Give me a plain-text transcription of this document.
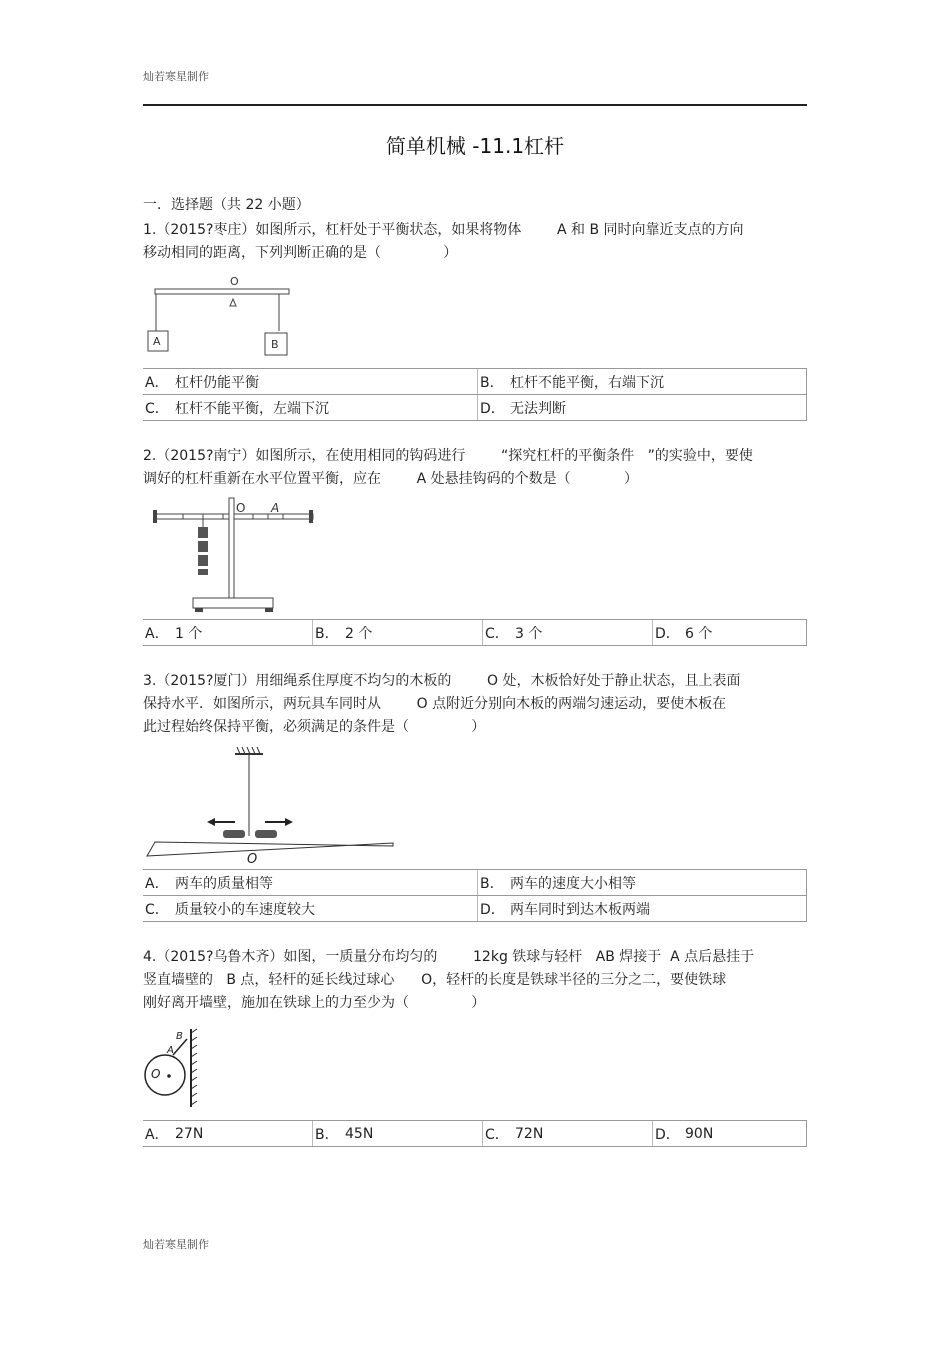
灿若寒星制作
简单机械 -11.1杠杆
一．选择题（共 22 小题）
1.（2015?枣庄）如图所示，杠杆处于平衡状态，如果将物体        A 和 B 同时向靠近支点的方向
移动相同的距离，下列判断正确的是（              ）
O
A	B
A．	杠杆仍能平衡	B．	杠杆不能平衡，右端下沉
C．	杠杆不能平衡，左端下沉	D．	无法判断
2.（2015?南宁）如图所示，在使用相同的钩码进行        “探究杠杆的平衡条件   ”的实验中，要使
调好的杠杆重新在水平位置平衡，应在        A 处悬挂钩码的个数是（            ）
O A
A．	1 个	B．	2 个	C．	3 个	D．	6 个
3.（2015?厦门）用细绳系住厚度不均匀的木板的        O 处，木板恰好处于静止状态，且上表面
保持水平．如图所示，两玩具车同时从        O 点附近分别向木板的两端匀速运动，要使木板在
此过程始终保持平衡，必须满足的条件是（              ）
O
A．	两车的质量相等	B．	两车的速度大小相等
C．	质量较小的车速度较大	D．	两车同时到达木板两端
4.（2015?乌鲁木齐）如图，一质量分布均匀的        12kg 铁球与轻杆   AB 焊接于  A 点后悬挂于
竖直墙壁的   B 点，轻杆的延长线过球心      O，轻杆的长度是铁球半径的三分之二，要使铁球
刚好离开墙壁，施加在铁球上的力至少为（              ）
B
A
O
A．	27N	B．	45N	C．	72N	D．	90N
灿若寒星制作
